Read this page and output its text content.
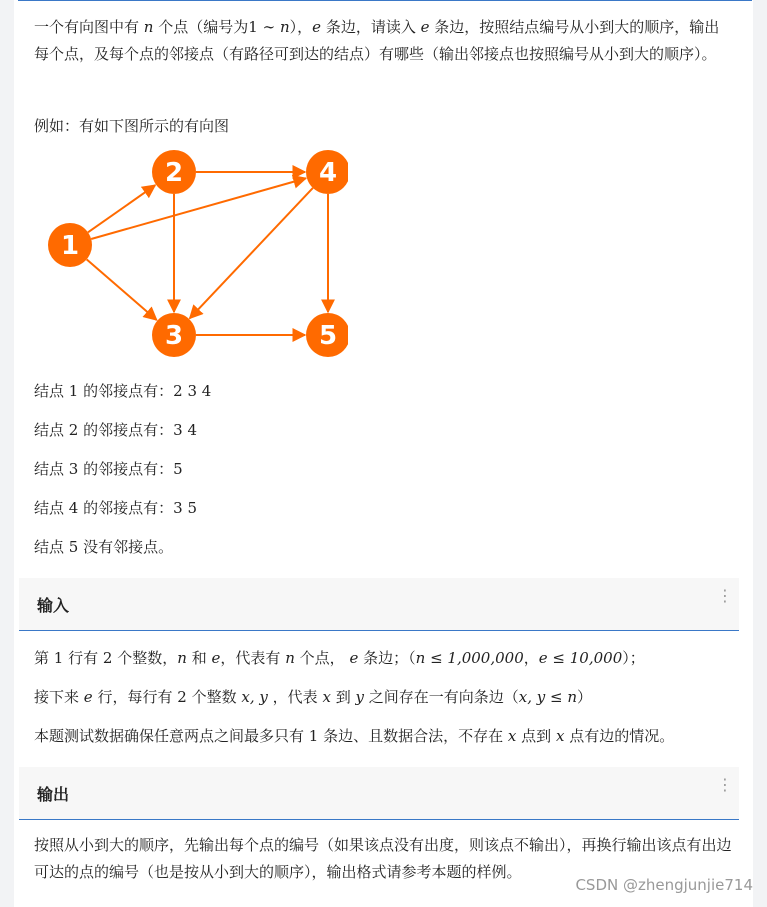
一个有向图中有 n 个点（编号为1 ∼ n），e 条边，请读入 e 条边，按照结点编号从小到大的顺序，输出每个点，及每个点的邻接点（有路径可到达的结点）有哪些（输出邻接点也按照编号从小到大的顺序）。
例如：有如下图所示的有向图
1
2
3
4
5
结点 1 的邻接点有：2 3 4
结点 2 的邻接点有：3 4
结点 3 的邻接点有：5
结点 4 的邻接点有：3 5
结点 5 没有邻接点。
输入
⋮
第 1 行有 2 个整数，n 和 e，代表有 n 个点， e 条边；（n ≤ 1,000,000，e ≤ 10,000）；
接下来 e 行，每行有 2 个整数 x, y ，代表 x 到 y 之间存在一有向条边（x, y ≤ n）
本题测试数据确保任意两点之间最多只有 1 条边、且数据合法，不存在 x 点到 x 点有边的情况。
输出
⋮
按照从小到大的顺序，先输出每个点的编号（如果该点没有出度，则该点不输出），再换行输出该点有出边可达的点的编号（也是按从小到大的顺序），输出格式请参考本题的样例。
CSDN @zhengjunjie714
